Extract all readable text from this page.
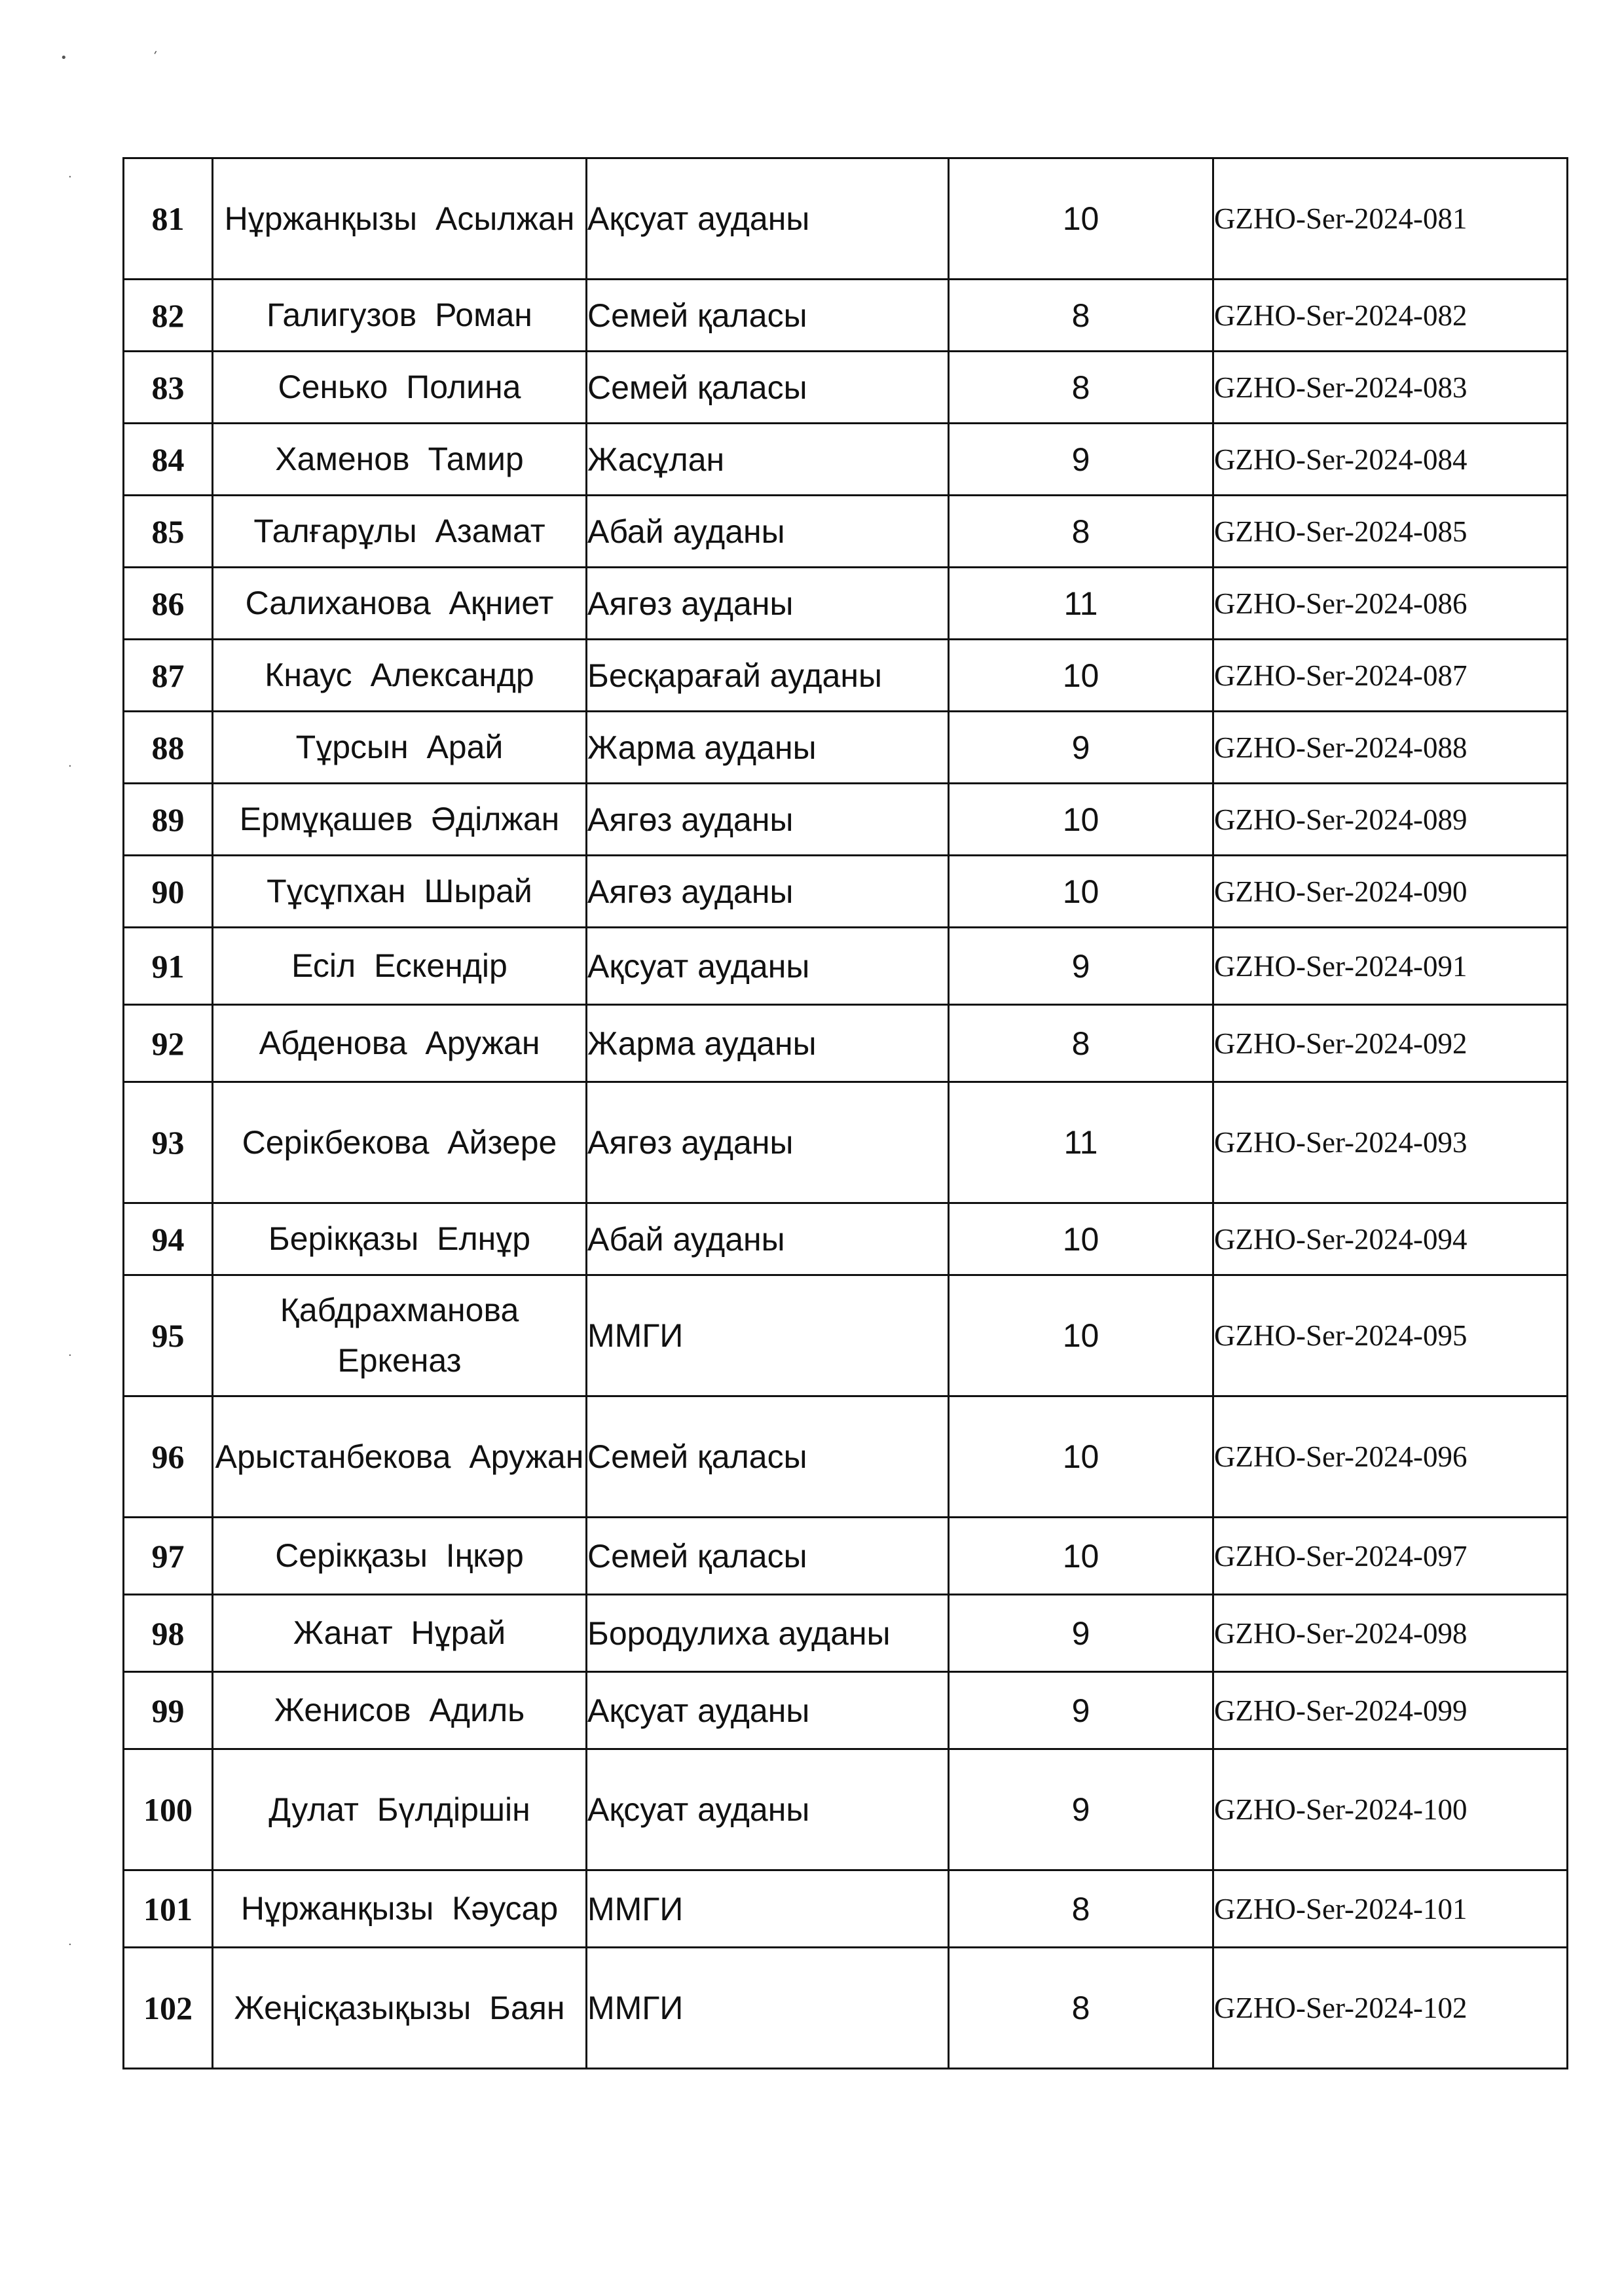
•	'
·
·
·
·
81	Нұржанқызы Асылжан	Ақсуат ауданы	10	GZHO-Ser-2024-081
82	Галигузов Роман	Семей қаласы	8	GZHO-Ser-2024-082
83	Сенько Полина	Семей қаласы	8	GZHO-Ser-2024-083
84	Хаменов Тамир	Жасұлан	9	GZHO-Ser-2024-084
85	Талғарұлы Азамат	Абай ауданы	8	GZHO-Ser-2024-085
86	Салиханова Ақниет	Аягөз ауданы	11	GZHO-Ser-2024-086
87	Кнаус Александр	Бесқарағай ауданы	10	GZHO-Ser-2024-087
88	Тұрсын Арай	Жарма ауданы	9	GZHO-Ser-2024-088
89	Ермұқашев Әділжан	Аягөз ауданы	10	GZHO-Ser-2024-089
90	Тұсұпхан Шырай	Аягөз ауданы	10	GZHO-Ser-2024-090
91	Есіл Ескендір	Ақсуат ауданы	9	GZHO-Ser-2024-091
92	Абденова Аружан	Жарма ауданы	8	GZHO-Ser-2024-092
93	Серікбекова Айзере	Аягөз ауданы	11	GZHO-Ser-2024-093
94	Берікқазы Елнұр	Абай ауданы	10	GZHO-Ser-2024-094
95	Қабдрахманова Еркеназ	ММГИ	10	GZHO-Ser-2024-095
96	Арыстанбекова Аружан	Семей қаласы	10	GZHO-Ser-2024-096
97	Серікқазы Іңкәр	Семей қаласы	10	GZHO-Ser-2024-097
98	Жанат Нұрай	Бородулиха ауданы	9	GZHO-Ser-2024-098
99	Женисов Адиль	Ақсуат ауданы	9	GZHO-Ser-2024-099
100	Дулат Бүлдіршін	Ақсуат ауданы	9	GZHO-Ser-2024-100
101	Нұржанқызы Кәусар	ММГИ	8	GZHO-Ser-2024-101
102	Жеңісқазықызы Баян	ММГИ	8	GZHO-Ser-2024-102
